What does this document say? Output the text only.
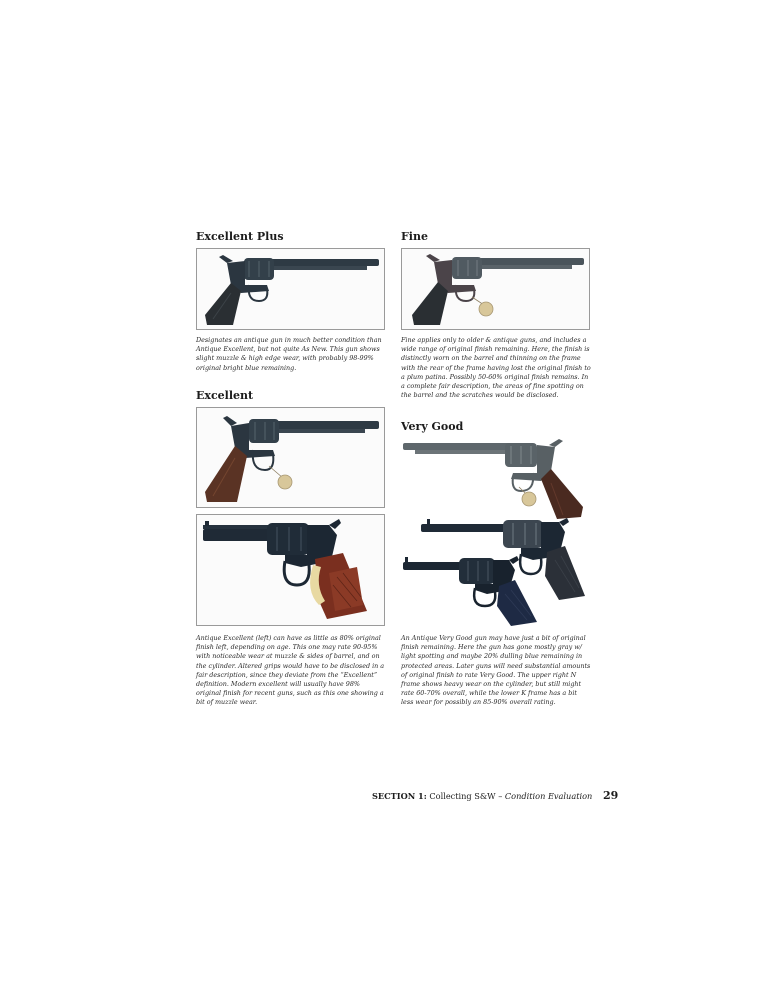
Excellent Plus
Designates an antique gun in much better condition than Antique Excellent, but not quite As New. This gun shows slight muzzle & high edge wear, with probably 98-99% original bright blue remaining.
Excellent
Antique Excellent (left) can have as little as 80% original finish left, depending on age. This one may rate 90-95% with noticeable wear at muzzle & sides of barrel, and on the cylinder. Altered grips would have to be disclosed in a fair description, since they deviate from the “Excellent” definition. Modern excellent will usually have 98% original finish for recent guns, such as this one showing a bit of muzzle wear.
Fine
Fine applies only to older & antique guns, and includes a wide range of original finish remaining. Here, the finish is distinctly worn on the barrel and thinning on the frame with the rear of the frame having lost the original finish to a plum patina. Possibly 50-60% original finish remains. In a complete fair description, the areas of fine spotting on the barrel and the scratches would be disclosed.
Very Good
An Antique Very Good gun may have just a bit of original finish remaining. Here the gun has gone mostly gray w/ light spotting and maybe 20% dulling blue remaining in protected areas. Later guns will need substantial amounts of original finish to rate Very Good. The upper right N frame shows heavy wear on the cylinder, but still might rate 60-70% overall, while the lower K frame has a bit less wear for possibly an 85-90% overall rating.
SECTION 1: Collecting S&W – Condition Evaluation 29
